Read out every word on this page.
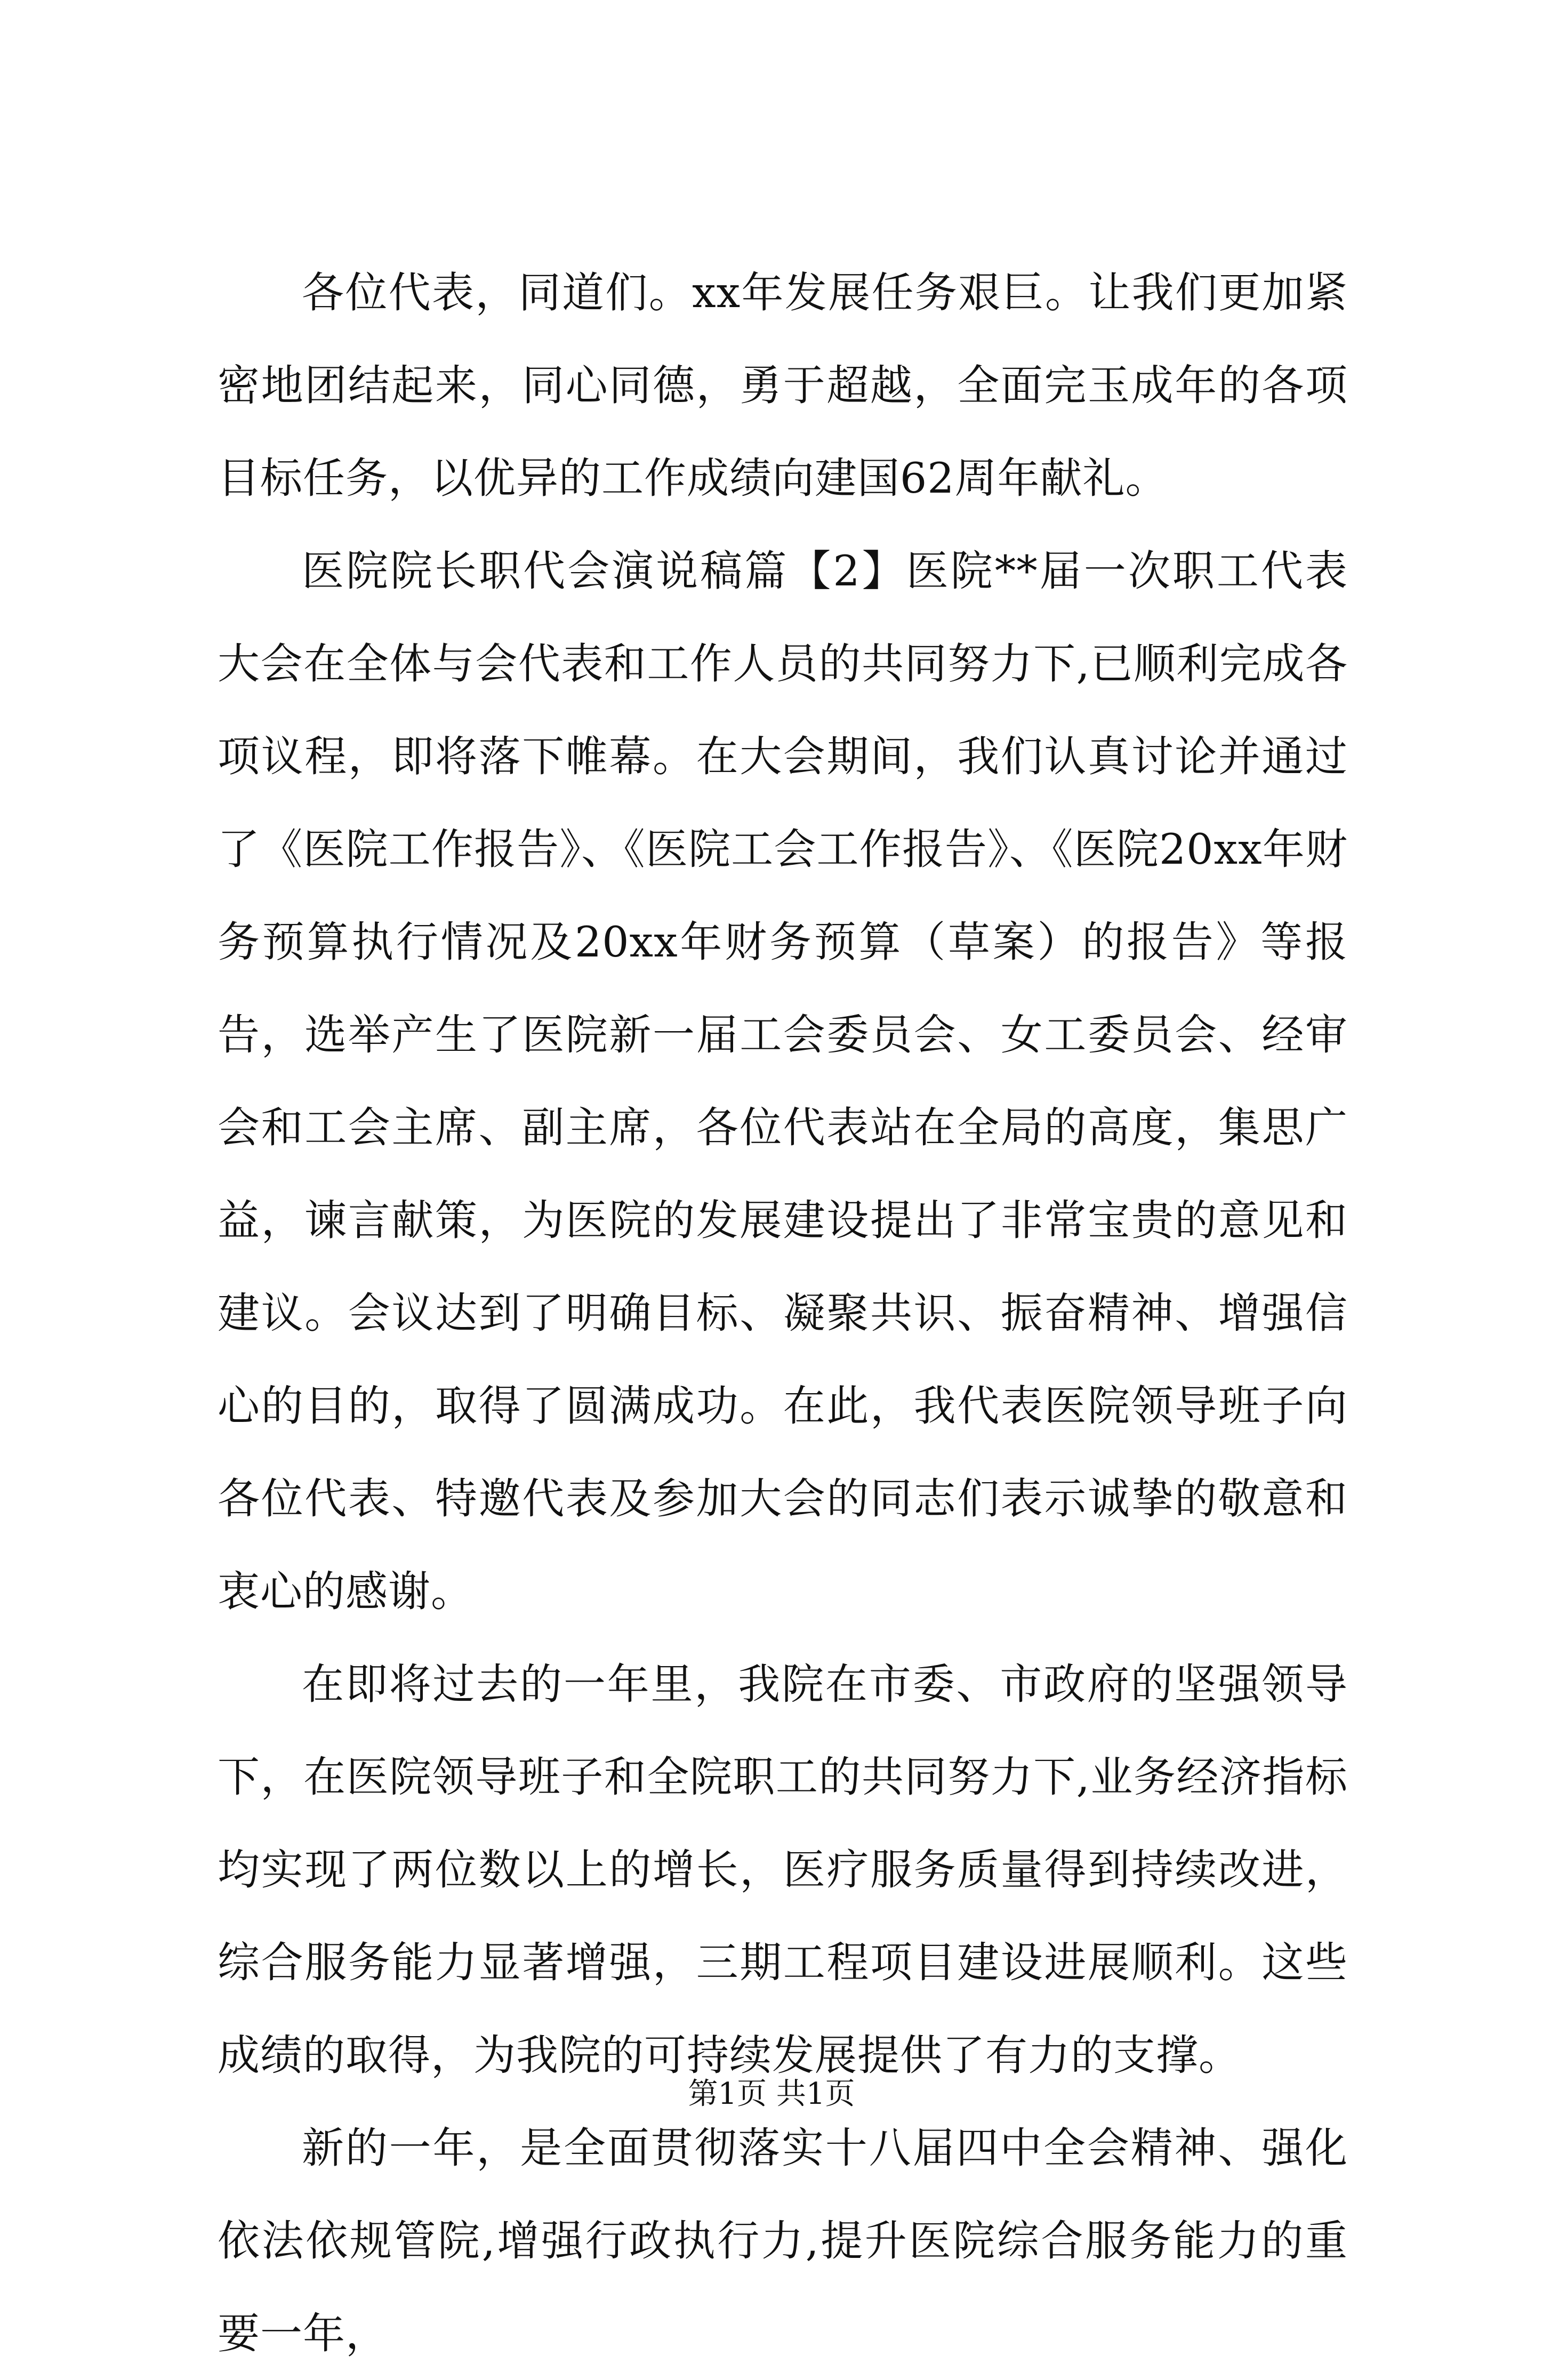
各位代表，同道们。xx年发展任务艰巨。让我们更加紧密地团结起来，同心同德，勇于超越，全面完玉成年的各项目标任务，以优异的工作成绩向建国62周年献礼。

医院院长职代会演说稿篇【2】医院**届一次职工代表大会在全体与会代表和工作人员的共同努力下,已顺利完成各项议程，即将落下帷幕。在大会期间，我们认真讨论并通过了《医院工作报告》、《医院工会工作报告》、《医院20xx年财务预算执行情况及20xx年财务预算（草案）的报告》等报告，选举产生了医院新一届工会委员会、女工委员会、经审会和工会主席、副主席，各位代表站在全局的高度，集思广益，谏言献策，为医院的发展建设提出了非常宝贵的意见和建议。会议达到了明确目标、凝聚共识、振奋精神、增强信心的目的，取得了圆满成功。在此，我代表医院领导班子向各位代表、特邀代表及参加大会的同志们表示诚挚的敬意和衷心的感谢。

在即将过去的一年里，我院在市委、市政府的坚强领导下，在医院领导班子和全院职工的共同努力下,业务经济指标均实现了两位数以上的增长，医疗服务质量得到持续改进，综合服务能力显著增强，三期工程项目建设进展顺利。这些成绩的取得，为我院的可持续发展提供了有力的支撑。

新的一年，是全面贯彻落实十八届四中全会精神、强化依法依规管院,增强行政执行力,提升医院综合服务能力的重要一年，

第1页 共1页
